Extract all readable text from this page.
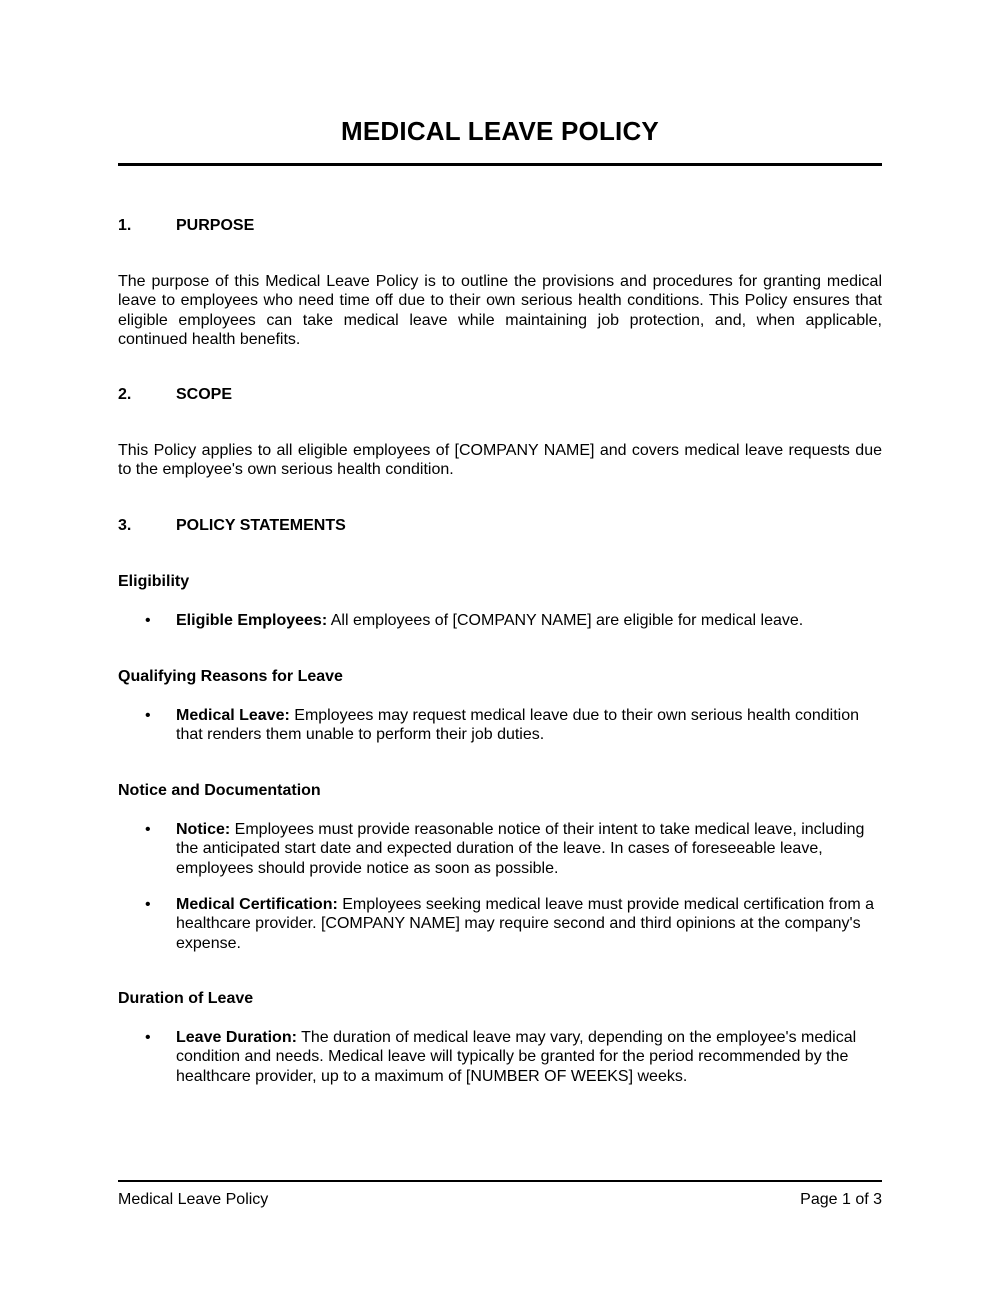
MEDICAL LEAVE POLICY
1.	PURPOSE
The purpose of this Medical Leave Policy is to outline the provisions and procedures for granting medical leave to employees who need time off due to their own serious health conditions. This Policy ensures that eligible employees can take medical leave while maintaining job protection, and, when applicable, continued health benefits.
2.	SCOPE
This Policy applies to all eligible employees of [COMPANY NAME] and covers medical leave requests due to the employee's own serious health condition.
3.	POLICY STATEMENTS
Eligibility
• Eligible Employees: All employees of [COMPANY NAME] are eligible for medical leave.
Qualifying Reasons for Leave
• Medical Leave: Employees may request medical leave due to their own serious health condition that renders them unable to perform their job duties.
Notice and Documentation
• Notice: Employees must provide reasonable notice of their intent to take medical leave, including the anticipated start date and expected duration of the leave. In cases of foreseeable leave, employees should provide notice as soon as possible.
• Medical Certification: Employees seeking medical leave must provide medical certification from a healthcare provider. [COMPANY NAME] may require second and third opinions at the company's expense.
Duration of Leave
• Leave Duration: The duration of medical leave may vary, depending on the employee's medical condition and needs. Medical leave will typically be granted for the period recommended by the healthcare provider, up to a maximum of [NUMBER OF WEEKS] weeks.
Medical Leave Policy	Page 1 of 3
